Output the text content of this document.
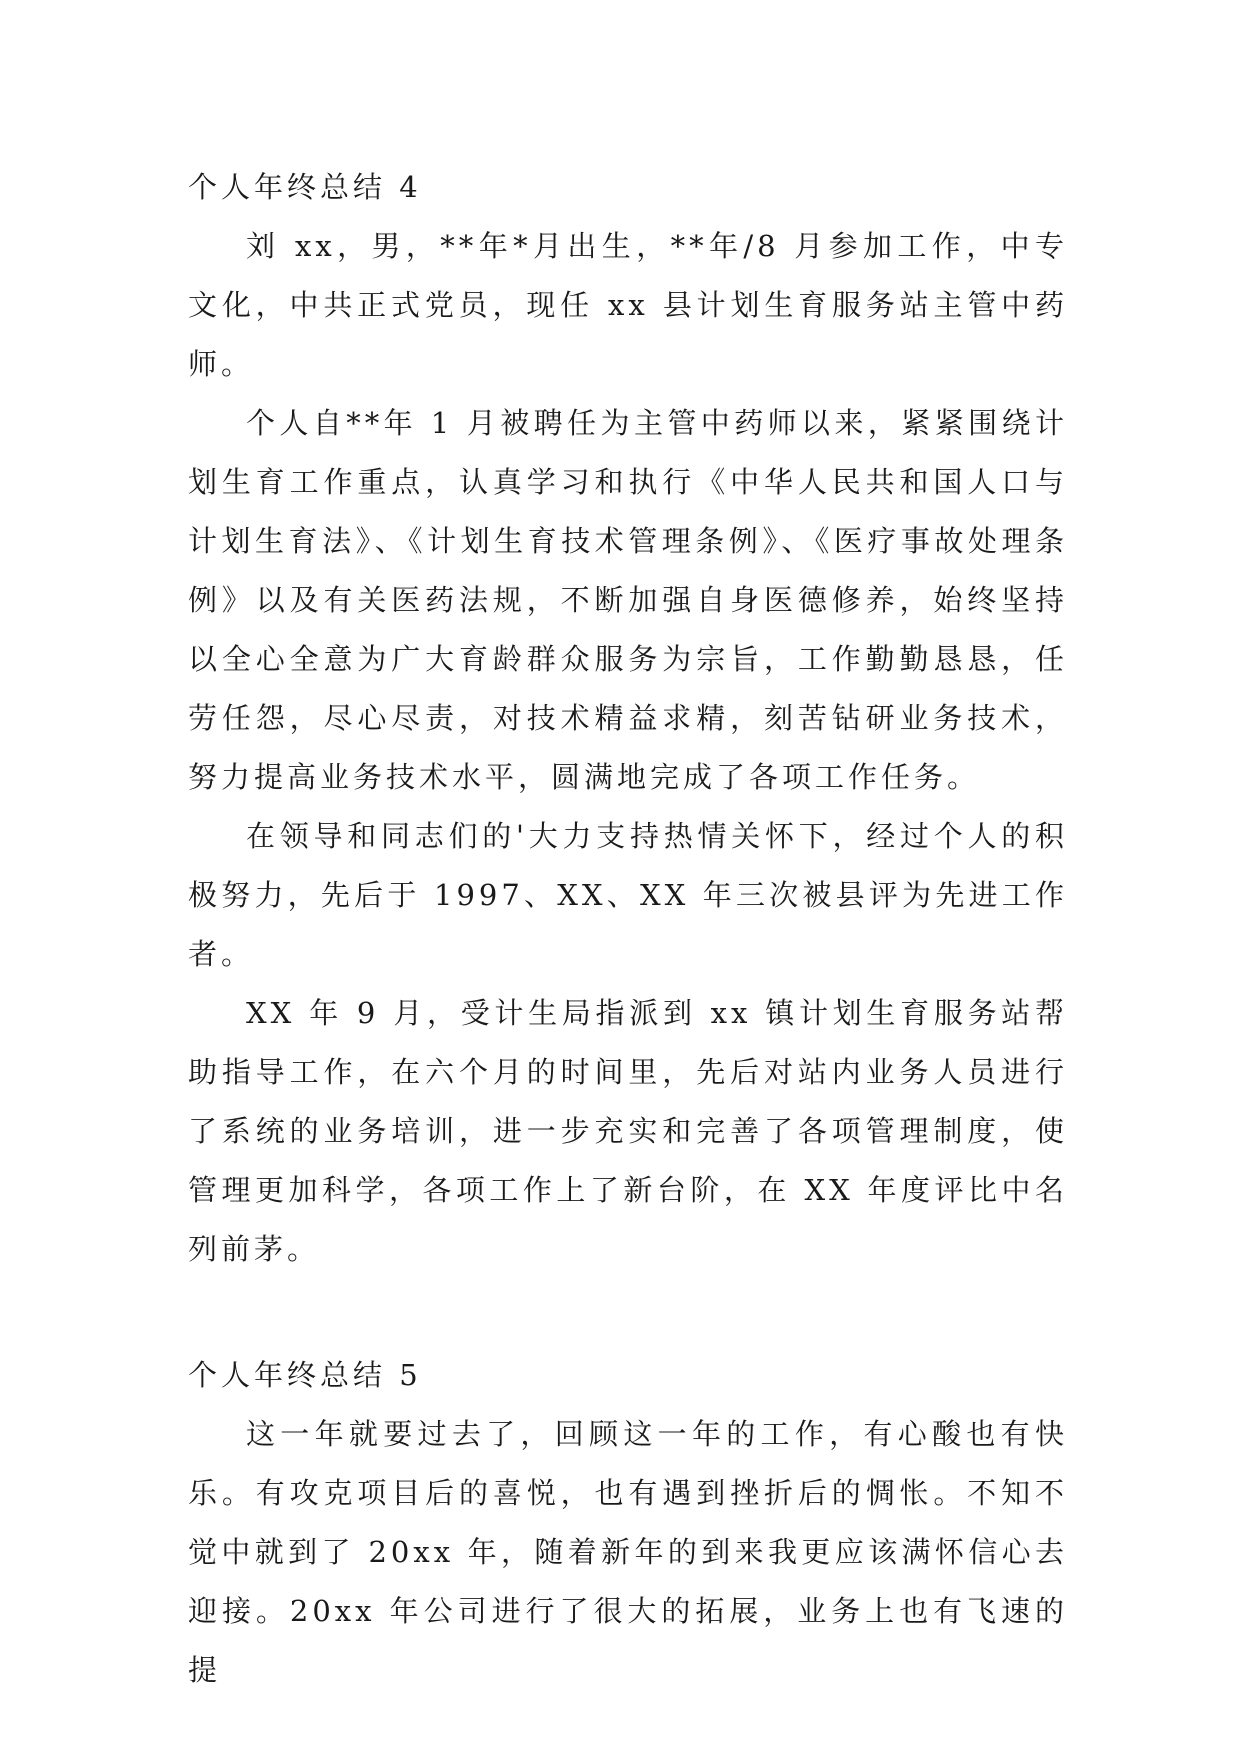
个人年终总结 4

刘 xx，男，**年*月出生，**年/8 月参加工作，中专文化，中共正式党员，现任 xx 县计划生育服务站主管中药师。

个人自**年 1 月被聘任为主管中药师以来，紧紧围绕计划生育工作重点，认真学习和执行《中华人民共和国人口与计划生育法》、《计划生育技术管理条例》、《医疗事故处理条例》以及有关医药法规，不断加强自身医德修养，始终坚持以全心全意为广大育龄群众服务为宗旨，工作勤勤恳恳，任劳任怨，尽心尽责，对技术精益求精，刻苦钻研业务技术，努力提高业务技术水平，圆满地完成了各项工作任务。

在领导和同志们的'大力支持热情关怀下，经过个人的积极努力，先后于 1997、XX、XX 年三次被县评为先进工作者。

XX 年 9 月，受计生局指派到 xx 镇计划生育服务站帮助指导工作，在六个月的时间里，先后对站内业务人员进行了系统的业务培训，进一步充实和完善了各项管理制度，使管理更加科学，各项工作上了新台阶，在 XX 年度评比中名列前茅。

个人年终总结 5

这一年就要过去了，回顾这一年的工作，有心酸也有快乐。有攻克项目后的喜悦，也有遇到挫折后的惆怅。不知不觉中就到了 20xx 年，随着新年的到来我更应该满怀信心去迎接。20xx 年公司进行了很大的拓展，业务上也有飞速的提
